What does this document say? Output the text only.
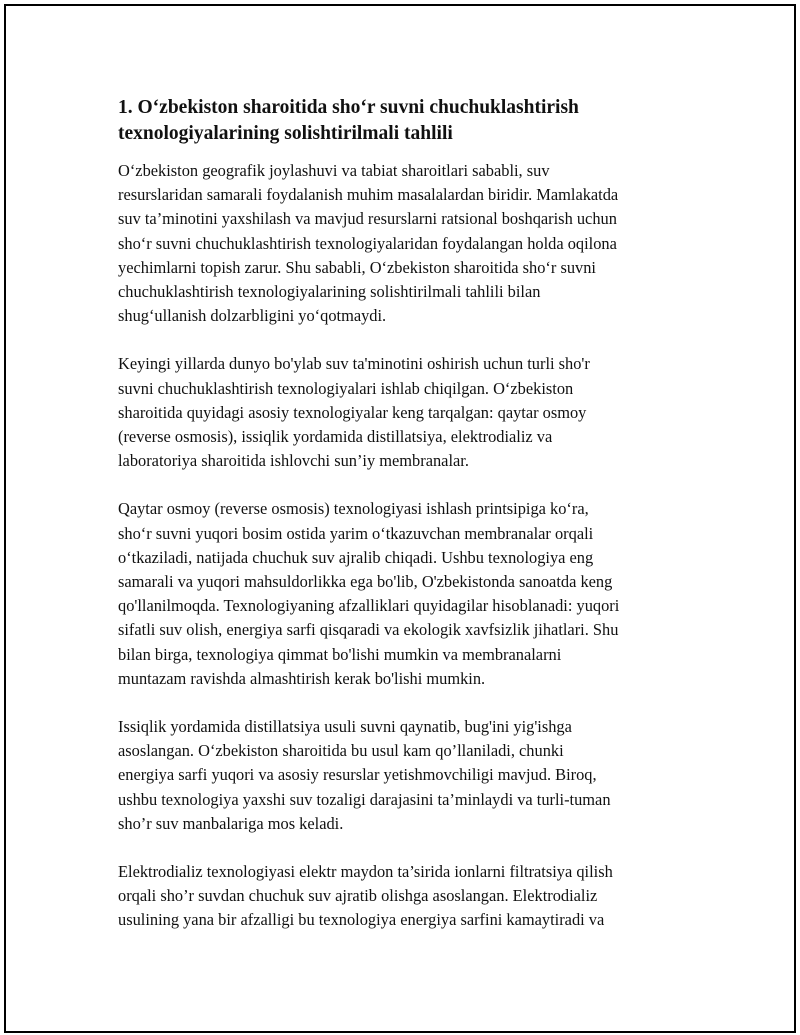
1. O‘zbekiston sharoitida sho‘r suvni chuchuklashtirish texnologiyalarining solishtirilmali tahlili

O‘zbekiston geografik joylashuvi va tabiat sharoitlari sababli, suv
resurslaridan samarali foydalanish muhim masalalardan biridir. Mamlakatda
suv ta’minotini yaxshilash va mavjud resurslarni ratsional boshqarish uchun
sho‘r suvni chuchuklashtirish texnologiyalaridan foydalangan holda oqilona
yechimlarni topish zarur. Shu sababli, O‘zbekiston sharoitida sho‘r suvni
chuchuklashtirish texnologiyalarining solishtirilmali tahlili bilan
shug‘ullanish dolzarbligini yo‘qotmaydi.

Keyingi yillarda dunyo bo'ylab suv ta'minotini oshirish uchun turli sho'r
suvni chuchuklashtirish texnologiyalari ishlab chiqilgan. O‘zbekiston
sharoitida quyidagi asosiy texnologiyalar keng tarqalgan: qaytar osmoy
(reverse osmosis), issiqlik yordamida distillatsiya, elektrodializ va
laboratoriya sharoitida ishlovchi sun’iy membranalar.

Qaytar osmoy (reverse osmosis) texnologiyasi ishlash printsipiga ko‘ra,
sho‘r suvni yuqori bosim ostida yarim o‘tkazuvchan membranalar orqali
o‘tkaziladi, natijada chuchuk suv ajralib chiqadi. Ushbu texnologiya eng
samarali va yuqori mahsuldorlikka ega bo'lib, O'zbekistonda sanoatda keng
qo'llanilmoqda. Texnologiyaning afzalliklari quyidagilar hisoblanadi: yuqori
sifatli suv olish, energiya sarfi qisqaradi va ekologik xavfsizlik jihatlari. Shu
bilan birga, texnologiya qimmat bo'lishi mumkin va membranalarni
muntazam ravishda almashtirish kerak bo'lishi mumkin.

Issiqlik yordamida distillatsiya usuli suvni qaynatib, bug'ini yig'ishga
asoslangan. O‘zbekiston sharoitida bu usul kam qo’llaniladi, chunki
energiya sarfi yuqori va asosiy resurslar yetishmovchiligi mavjud. Biroq,
ushbu texnologiya yaxshi suv tozaligi darajasini ta’minlaydi va turli-tuman
sho’r suv manbalariga mos keladi.

Elektrodializ texnologiyasi elektr maydon ta’sirida ionlarni filtratsiya qilish
orqali sho’r suvdan chuchuk suv ajratib olishga asoslangan. Elektrodializ
usulining yana bir afzalligi bu texnologiya energiya sarfini kamaytiradi va
